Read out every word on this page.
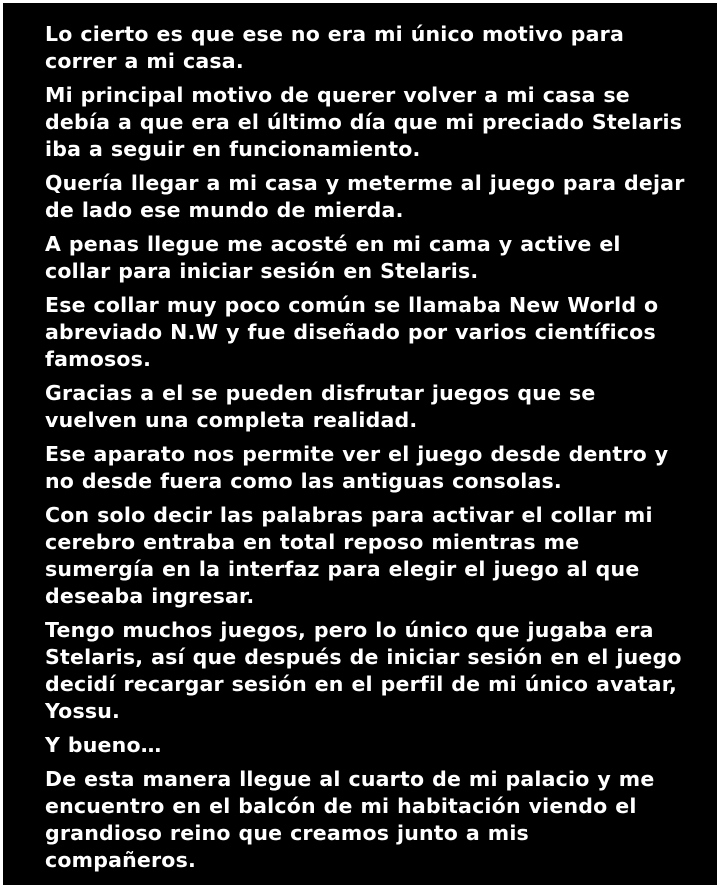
Lo cierto es que ese no era mi único motivo para correr a mi casa.

Mi principal motivo de querer volver a mi casa se debía a que era el último día que mi preciado Stelaris iba a seguir en funcionamiento.

Quería llegar a mi casa y meterme al juego para dejar de lado ese mundo de mierda.

A penas llegue me acosté en mi cama y active el collar para iniciar sesión en Stelaris.

Ese collar muy poco común se llamaba New World o abreviado N.W y fue diseñado por varios científicos famosos.

Gracias a el se pueden disfrutar juegos que se vuelven una completa realidad.

Ese aparato nos permite ver el juego desde dentro y no desde fuera como las antiguas consolas.

Con solo decir las palabras para activar el collar mi cerebro entraba en total reposo mientras me sumergía en la interfaz para elegir el juego al que deseaba ingresar.

Tengo muchos juegos, pero lo único que jugaba era Stelaris, así que después de iniciar sesión en el juego decidí recargar sesión en el perfil de mi único avatar, Yossu.

Y bueno…

De esta manera llegue al cuarto de mi palacio y me encuentro en el balcón de mi habitación viendo el grandioso reino que creamos junto a mis compañeros.
